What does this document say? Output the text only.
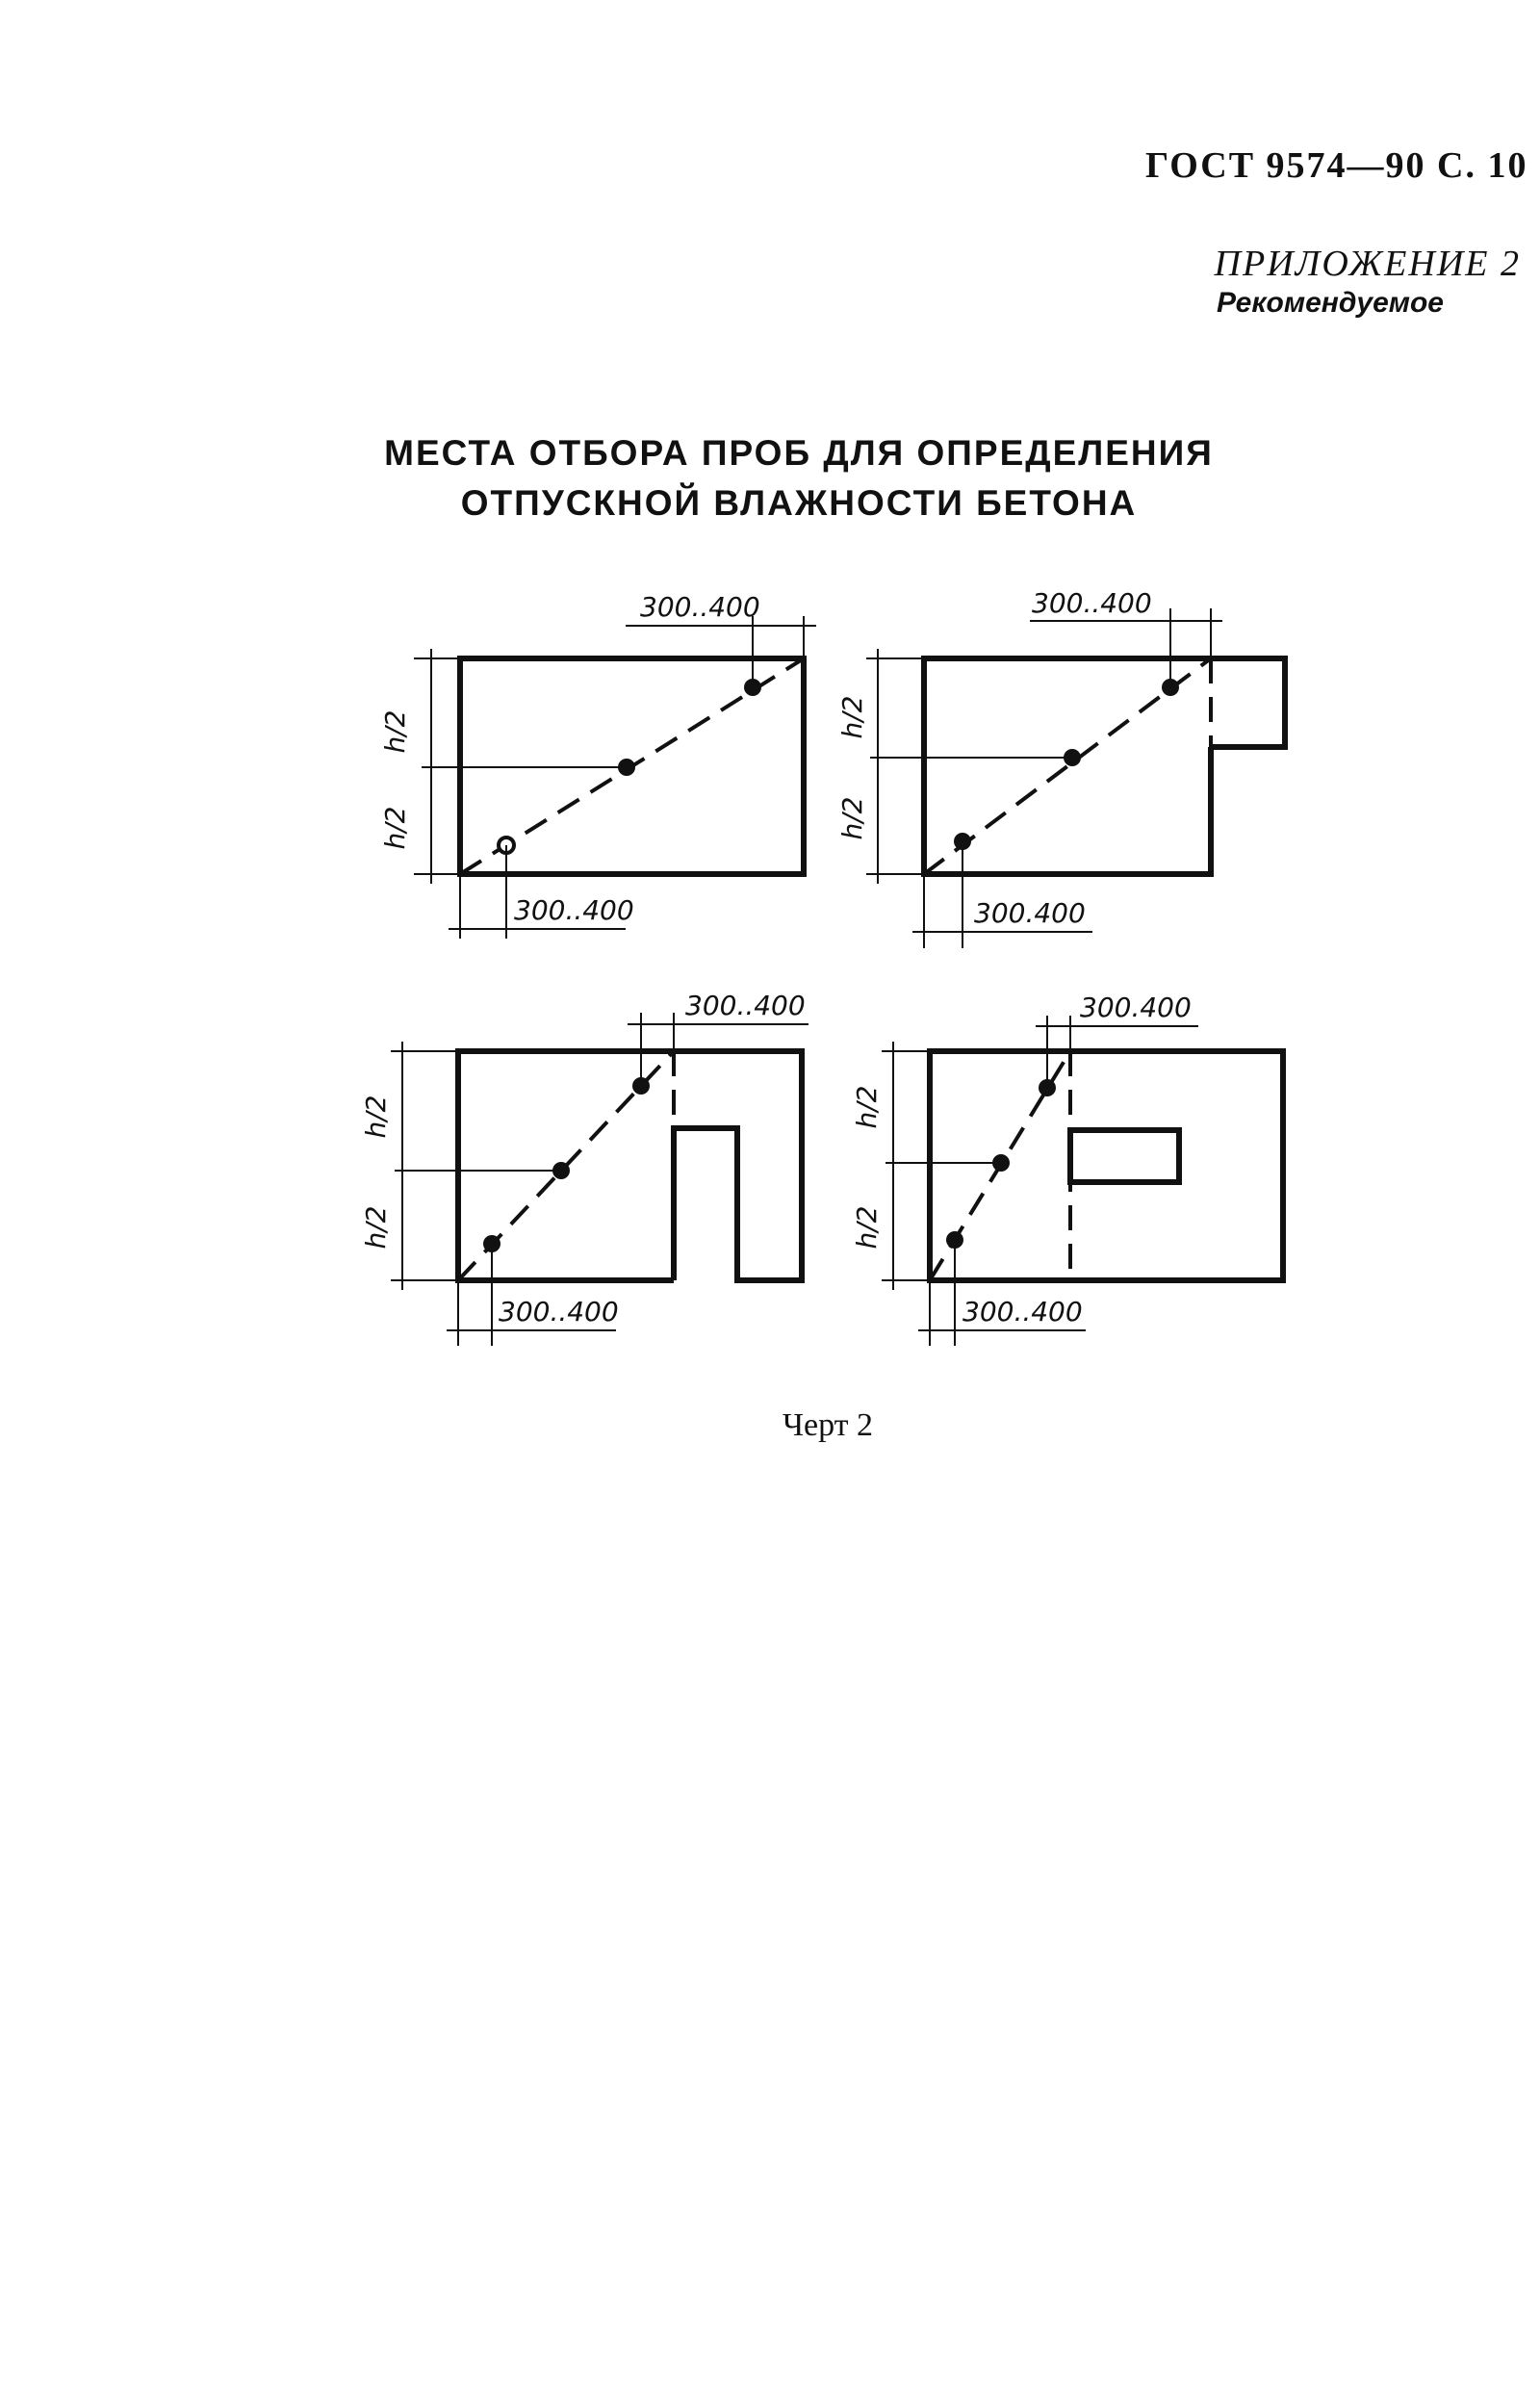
ГОСТ 9574—90 С. 10
ПРИЛОЖЕНИЕ 2
Рекомендуемое
МЕСТА ОТБОРА ПРОБ ДЛЯ ОПРЕДЕЛЕНИЯ
ОТПУСКНОЙ ВЛАЖНОСТИ БЕТОНА
h/2
h/2
300..400
300..400
h/2
h/2
300..400
300.400
h/2
h/2
300..400
300..400
h/2
h/2
300.400
300..400
Черт 2
